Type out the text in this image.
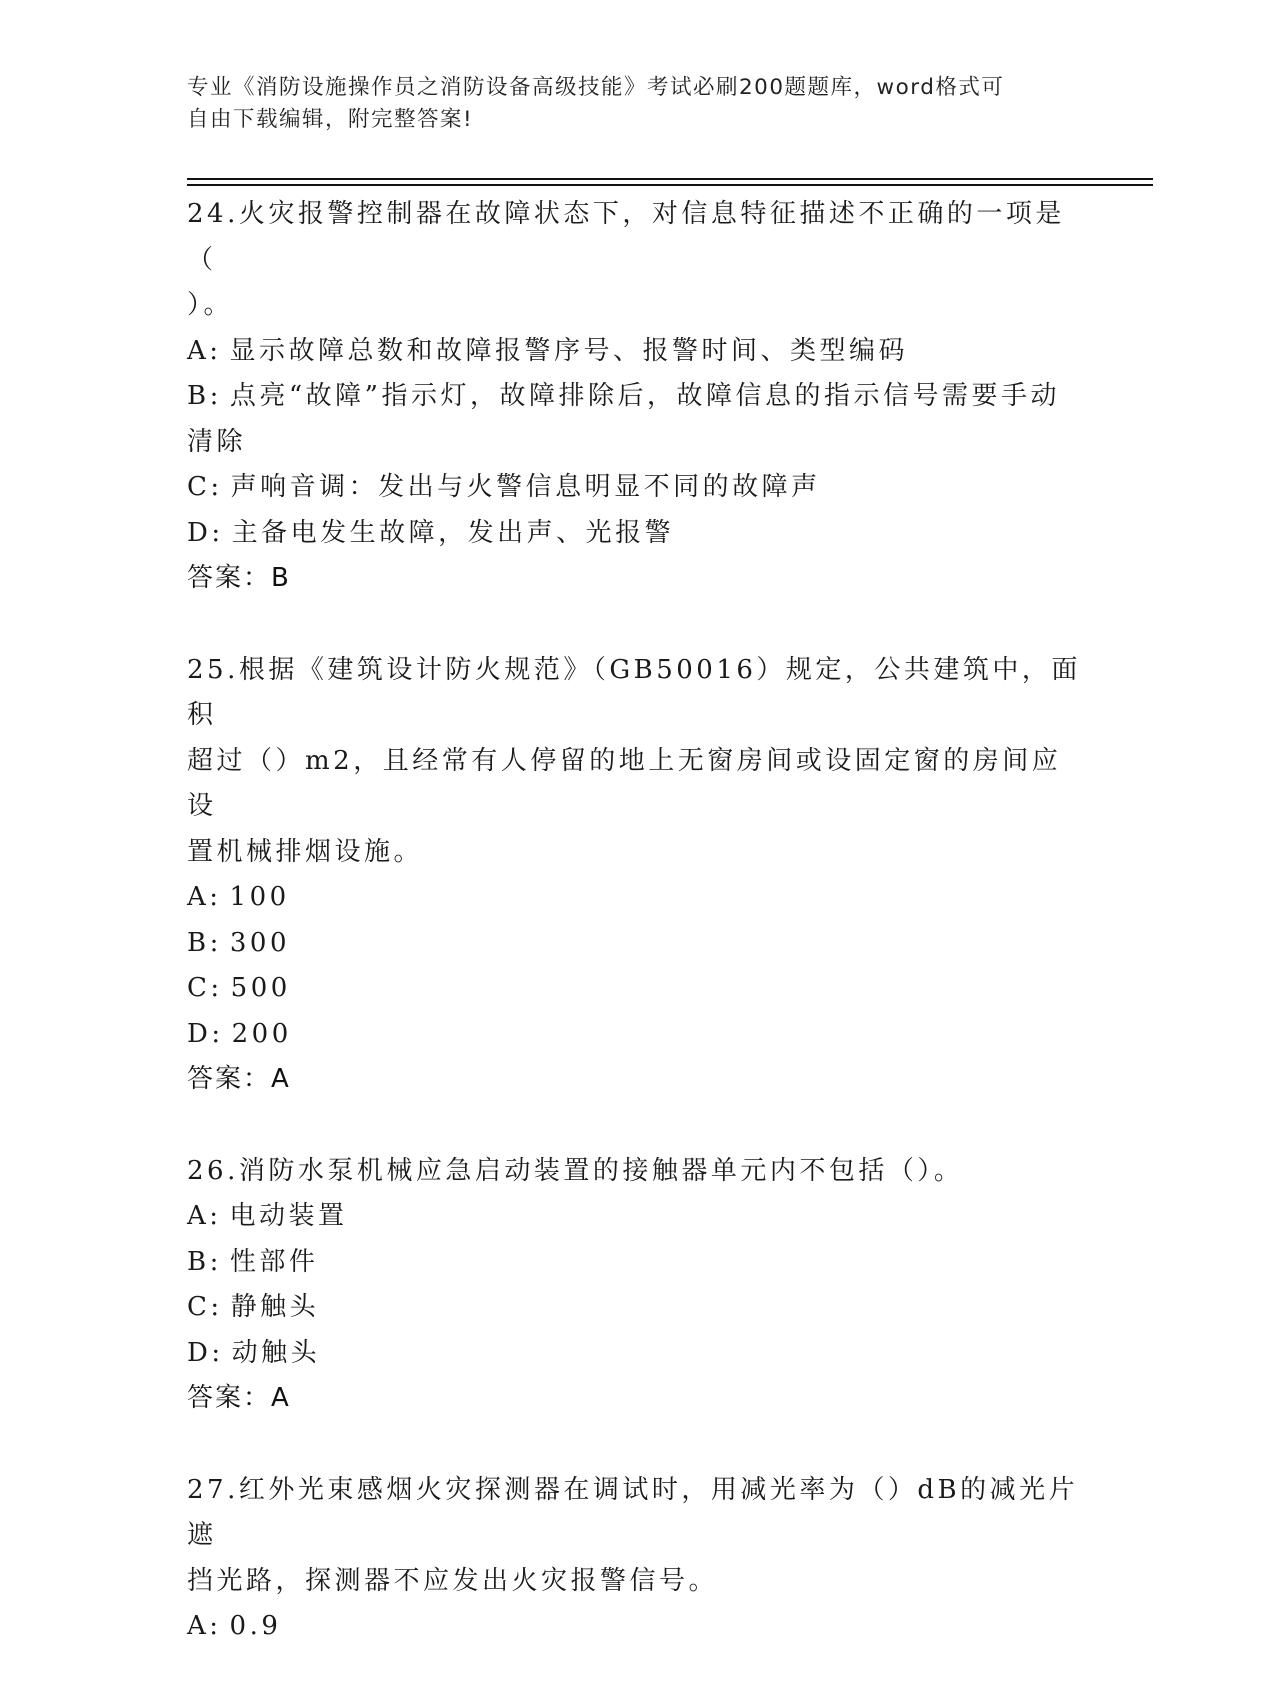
专业《消防设施操作员之消防设备高级技能》考试必刷200题题库，word格式可
自由下载编辑，附完整答案!
24.火灾报警控制器在故障状态下，对信息特征描述不正确的一项是（
）。
A: 显示故障总数和故障报警序号、报警时间、类型编码
B: 点亮“故障”指示灯，故障排除后，故障信息的指示信号需要手动
清除
C: 声响音调：发出与火警信息明显不同的故障声
D: 主备电发生故障，发出声、光报警
答案：B
25.根据《建筑设计防火规范》（GB50016）规定，公共建筑中，面积
超过（）m2，且经常有人停留的地上无窗房间或设固定窗的房间应设
置机械排烟设施。
A: 100
B: 300
C: 500
D: 200
答案：A
26.消防水泵机械应急启动装置的接触器单元内不包括（）。
A: 电动装置
B: 性部件
C: 静触头
D: 动触头
答案：A
27.红外光束感烟火灾探测器在调试时，用减光率为（）dB的减光片遮
挡光路，探测器不应发出火灾报警信号。
A: 0.9
